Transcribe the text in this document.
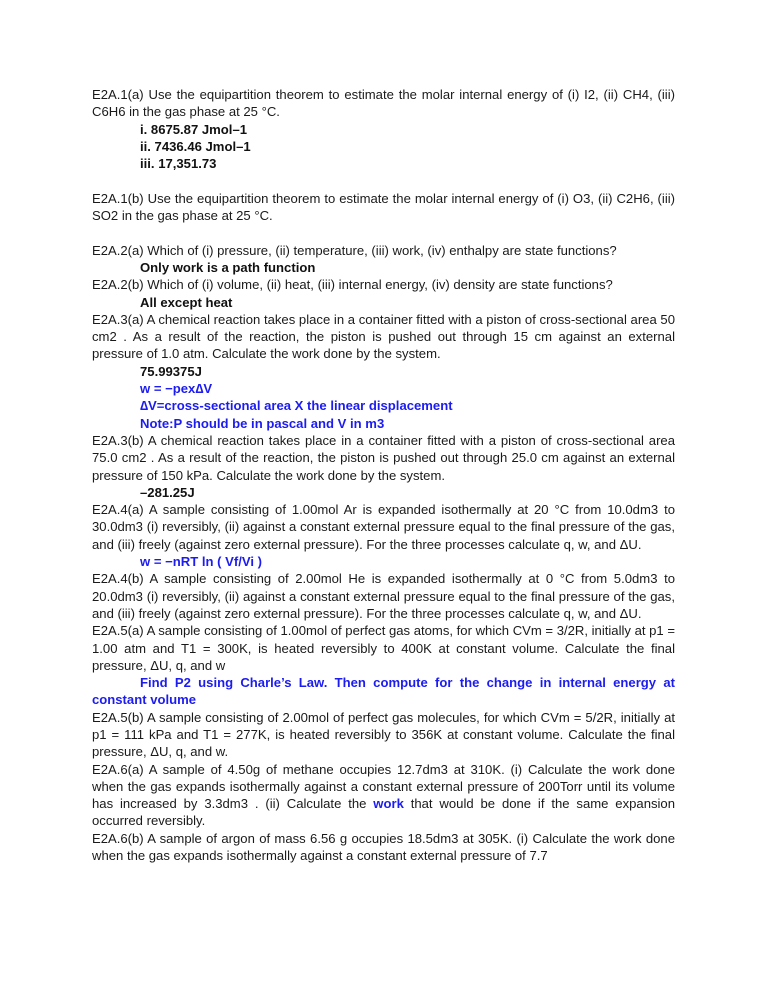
E2A.1(a) Use the equipartition theorem to estimate the molar internal energy of (i) I2, (ii) CH4, (iii) C6H6 in the gas phase at 25 °C.

i. 8675.87 Jmol–1

ii. 7436.46 Jmol–1

iii. 17,351.73

E2A.1(b) Use the equipartition theorem to estimate the molar internal energy of (i) O3, (ii) C2H6, (iii) SO2 in the gas phase at 25 °C.

E2A.2(a) Which of (i) pressure, (ii) temperature, (iii) work, (iv) enthalpy are state functions?

Only work is a path function

E2A.2(b) Which of (i) volume, (ii) heat, (iii) internal energy, (iv) density are state functions?

All except heat

E2A.3(a) A chemical reaction takes place in a container fitted with a piston of cross-sectional area 50 cm2 . As a result of the reaction, the piston is pushed out through 15 cm against an external pressure of 1.0 atm. Calculate the work done by the system.

75.99375J

w = −pex∆V

∆V=cross-sectional area X the linear displacement

Note:P should be in pascal and V in m3

E2A.3(b) A chemical reaction takes place in a container fitted with a piston of cross-sectional area 75.0 cm2 . As a result of the reaction, the piston is pushed out through 25.0 cm against an external pressure of 150 kPa. Calculate the work done by the system.

–281.25J

E2A.4(a) A sample consisting of 1.00mol Ar is expanded isothermally at 20 °C from 10.0dm3 to 30.0dm3 (i) reversibly, (ii) against a constant external pressure equal to the final pressure of the gas, and (iii) freely (against zero external pressure). For the three processes calculate q, w, and ΔU.

w = −nRT ln ( Vf/Vi )

E2A.4(b) A sample consisting of 2.00mol He is expanded isothermally at 0 °C from 5.0dm3 to 20.0dm3 (i) reversibly, (ii) against a constant external pressure equal to the final pressure of the gas, and (iii) freely (against zero external pressure). For the three processes calculate q, w, and ΔU.

E2A.5(a) A sample consisting of 1.00mol of perfect gas atoms, for which CVm = 3/2R, initially at p1 = 1.00 atm and T1 = 300K, is heated reversibly to 400K at constant volume. Calculate the final pressure, ΔU, q, and w

Find P2 using Charle’s Law. Then compute for the change in internal energy at constant volume

E2A.5(b) A sample consisting of 2.00mol of perfect gas molecules, for which CVm = 5/2R, initially at p1 = 111 kPa and T1 = 277K, is heated reversibly to 356K at constant volume. Calculate the final pressure, ΔU, q, and w.

E2A.6(a) A sample of 4.50g of methane occupies 12.7dm3 at 310K. (i) Calculate the work done when the gas expands isothermally against a constant external pressure of 200Torr until its volume has increased by 3.3dm3 . (ii) Calculate the work that would be done if the same expansion occurred reversibly.

E2A.6(b) A sample of argon of mass 6.56 g occupies 18.5dm3 at 305K. (i) Calculate the work done when the gas expands isothermally against a constant external pressure of 7.7
